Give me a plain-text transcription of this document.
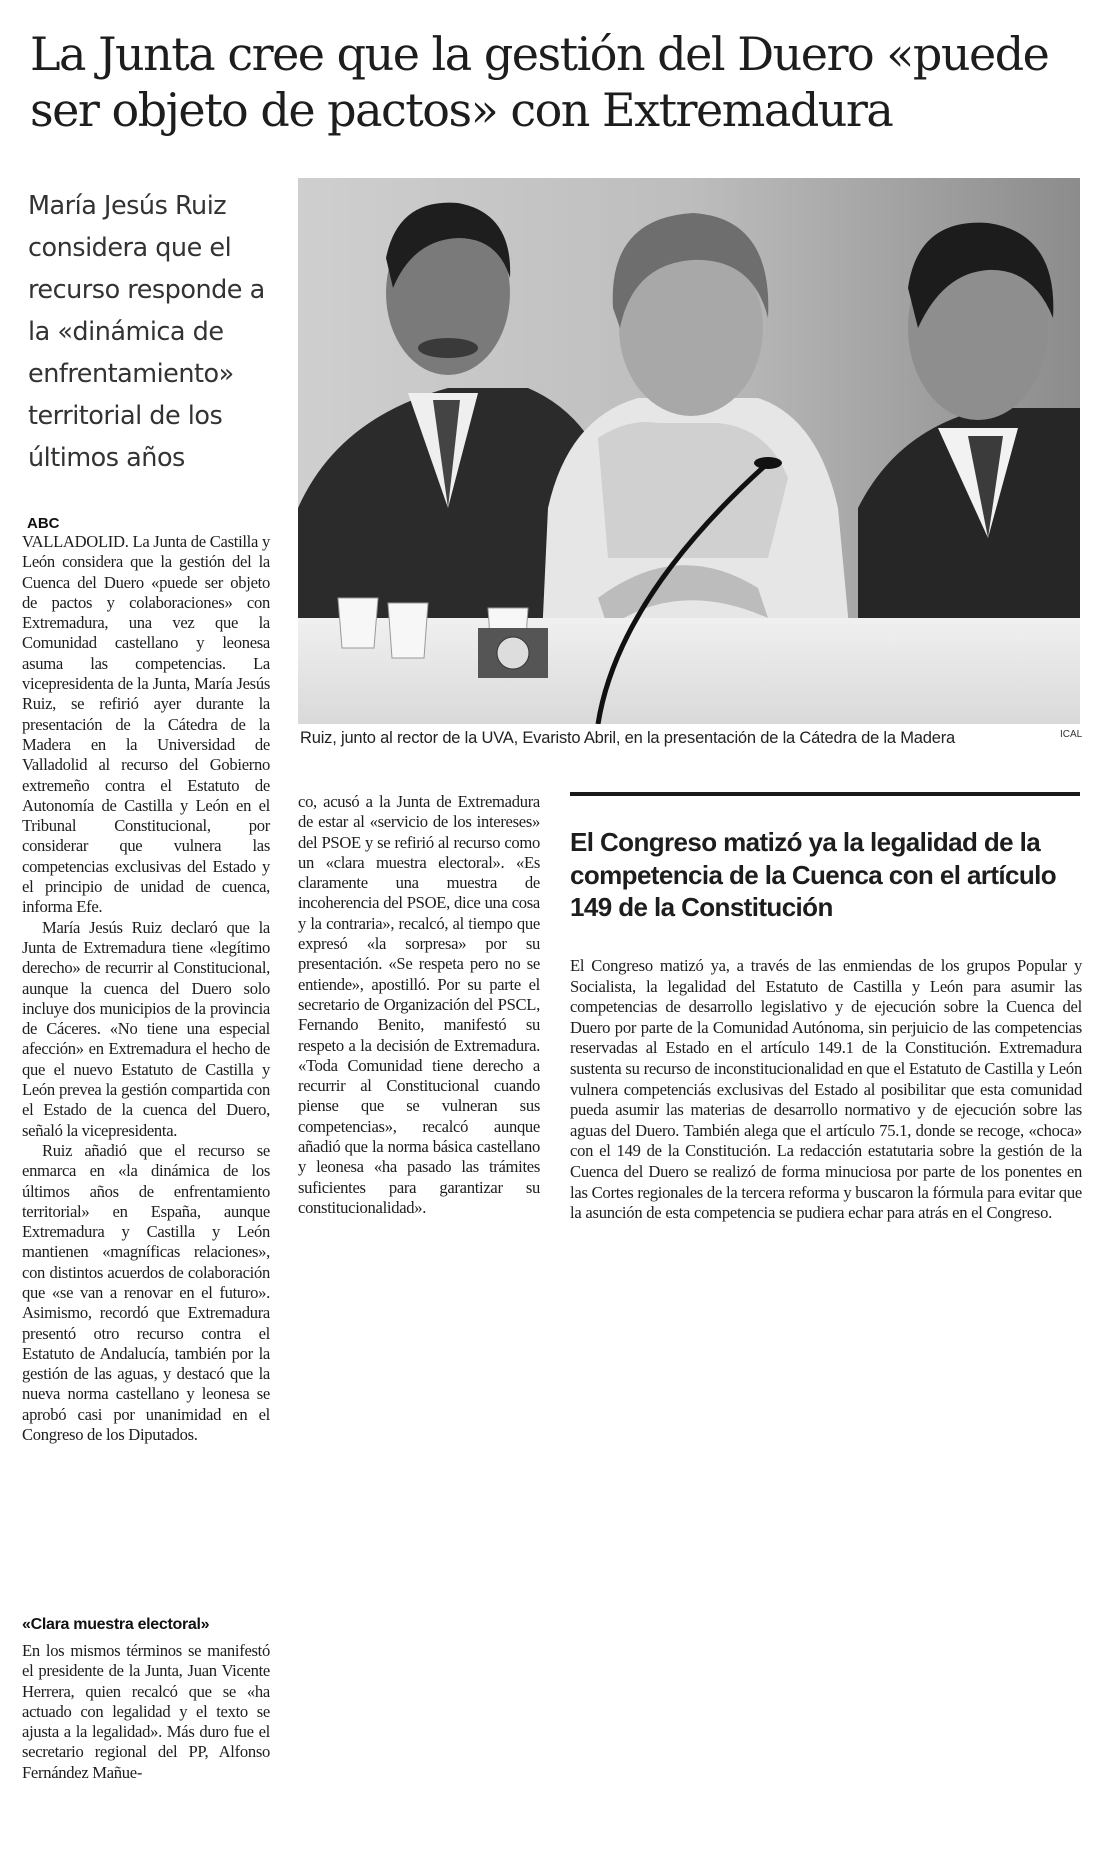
La Junta cree que la gestión del Duero «puede ser objeto de pactos» con Extremadura

María Jesús Ruiz considera que el recurso responde a la «dinámica de enfrentamiento» territorial de los últimos años

Ruiz, junto al rector de la UVA, Evaristo Abril, en la presentación de la Cátedra de la Madera	ICAL
ABC

VALLADOLID. La Junta de Castilla y León considera que la gestión del la Cuenca del Duero «puede ser objeto de pactos y colaboraciones» con Extremadura, una vez que la Comunidad castellano y leonesa asuma las competencias. La vicepresidenta de la Junta, María Jesús Ruiz, se refirió ayer durante la presentación de la Cátedra de la Madera en la Universidad de Valladolid al recurso del Gobierno extremeño contra el Estatuto de Autonomía de Castilla y León en el Tribunal Constitucional, por considerar que vulnera las competencias exclusivas del Estado y el principio de unidad de cuenca, informa Efe.

María Jesús Ruiz declaró que la Junta de Extremadura tiene «legítimo derecho» de recurrir al Constitucional, aunque la cuenca del Duero solo incluye dos municipios de la provincia de Cáceres. «No tiene una especial afección» en Extremadura el hecho de que el nuevo Estatuto de Castilla y León prevea la gestión compartida con el Estado de la cuenca del Duero, señaló la vicepresidenta.

Ruiz añadió que el recurso se enmarca en «la dinámica de los últimos años de enfrentamiento territorial» en España, aunque Extremadura y Castilla y León mantienen «magníficas relaciones», con distintos acuerdos de colaboración que «se van a renovar en el futuro». Asimismo, recordó que Extremadura presentó otro recurso contra el Estatuto de Andalucía, también por la gestión de las aguas, y destacó que la nueva norma castellano y leonesa se aprobó casi por unanimidad en el Congreso de los Diputados.

«Clara muestra electoral»

En los mismos términos se manifestó el presidente de la Junta, Juan Vicente Herrera, quien recalcó que se «ha actuado con legalidad y el texto se ajusta a la legalidad». Más duro fue el secretario regional del PP, Alfonso Fernández Mañue-

co, acusó a la Junta de Extremadura de estar al «servicio de los intereses» del PSOE y se refirió al recurso como un «clara muestra electoral». «Es claramente una muestra de incoherencia del PSOE, dice una cosa y la contraria», recalcó, al tiempo que expresó «la sorpresa» por su presentación. «Se respeta pero no se entiende», apostilló. Por su parte el secretario de Organización del PSCL, Fernando Benito, manifestó su respeto a la decisión de Extremadura. «Toda Comunidad tiene derecho a recurrir al Constitucional cuando piense que se vulneran sus competencias», recalcó aunque añadió que la norma básica castellano y leonesa «ha pasado las trámites suficientes para garantizar su constitucionalidad».

El Congreso matizó ya la legalidad de la competencia de la Cuenca con el artículo 149 de la Constitución
El Congreso matizó ya, a través de las enmiendas de los grupos Popular y Socialista, la legalidad del Estatuto de Castilla y León para asumir las competencias de desarrollo legislativo y de ejecución sobre la Cuenca del Duero por parte de la Comunidad Autónoma, sin perjuicio de las competencias reservadas al Estado en el artículo 149.1 de la Constitución. Extremadura sustenta su recurso de inconstitucionalidad en que el Estatuto de Castilla y León vulnera competenciás exclusivas del Estado al posibilitar que esta comunidad pueda asumir las materias de desarrollo normativo y de ejecución sobre las aguas del Duero. También alega que el artículo 75.1, donde se recoge, «choca» con el 149 de la Constitución. La redacción estatutaria sobre la gestión de la Cuenca del Duero se realizó de forma minuciosa por parte de los ponentes en las Cortes regionales de la tercera reforma y buscaron la fórmula para evitar que la asunción de esta competencia se pudiera echar para atrás en el Congreso.
